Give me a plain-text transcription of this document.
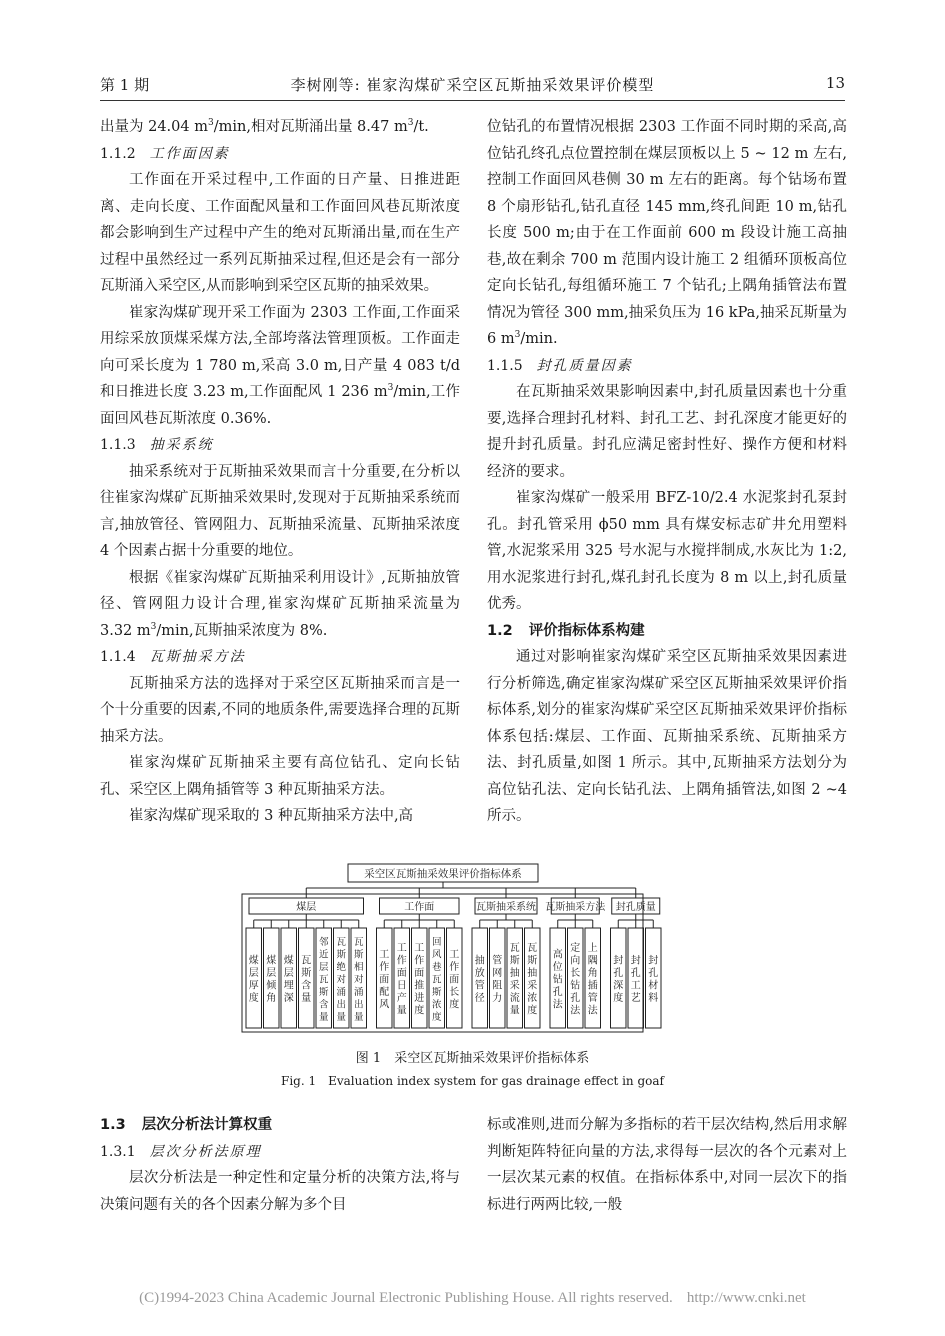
第 1 期	李树刚等: 崔家沟煤矿采空区瓦斯抽采效果评价模型	13

出量为 24.04 $m^3/\min$,相对瓦斯涌出量 8.47 $m^3/t$.

1.1.2 工作面因素

工作面在开采过程中,工作面的日产量、日推进距离、走向长度、工作面配风量和工作面回风巷瓦斯浓度都会影响到生产过程中产生的绝对瓦斯涌出量,而在生产过程中虽然经过一系列瓦斯抽采过程,但还是会有一部分瓦斯涌入采空区,从而影响到采空区瓦斯的抽采效果。

崔家沟煤矿现开采工作面为 2303 工作面,工作面采用综采放顶煤采煤方法,全部垮落法管理顶板。工作面走向可采长度为 1 780 m,采高 3.0 m,日产量 4 083 t/d 和日推进长度 3.23 m,工作面配风 1 236 $m^3/\min$,工作面回风巷瓦斯浓度 0.36%.

1.1.3 抽采系统

抽采系统对于瓦斯抽采效果而言十分重要,在分析以往崔家沟煤矿瓦斯抽采效果时,发现对于瓦斯抽采系统而言,抽放管径、管网阻力、瓦斯抽采流量、瓦斯抽采浓度 4 个因素占据十分重要的地位。

根据《崔家沟煤矿瓦斯抽采利用设计》,瓦斯抽放管径、管网阻力设计合理,崔家沟煤矿瓦斯抽采流量为 3.32 $m^3/\min$,瓦斯抽采浓度为 8%.

1.1.4 瓦斯抽采方法

瓦斯抽采方法的选择对于采空区瓦斯抽采而言是一个十分重要的因素,不同的地质条件,需要选择合理的瓦斯抽采方法。

崔家沟煤矿瓦斯抽采主要有高位钻孔、定向长钻孔、采空区上隅角插管等 3 种瓦斯抽采方法。

崔家沟煤矿现采取的 3 种瓦斯抽采方法中,高

位钻孔的布置情况根据 2303 工作面不同时期的采高,高位钻孔终孔点位置控制在煤层顶板以上 5 ~ 12 m 左右,控制工作面回风巷侧 30 m 左右的距离。每个钻场布置 8 个扇形钻孔,钻孔直径 145 mm,终孔间距 10 m,钻孔长度 500 m;由于在工作面前 600 m 段设计施工高抽巷,故在剩余 700 m 范围内设计施工 2 组循环顶板高位定向长钻孔,每组循环施工 7 个钻孔;上隅角插管法布置情况为管径 300 mm,抽采负压为 16 kPa,抽采瓦斯量为 6 $m^3/\min$.

1.1.5 封孔质量因素

在瓦斯抽采效果影响因素中,封孔质量因素也十分重要,选择合理封孔材料、封孔工艺、封孔深度才能更好的提升封孔质量。封孔应满足密封性好、操作方便和材料经济的要求。

崔家沟煤矿一般采用 BFZ-10/2.4 水泥浆封孔泵封孔。封孔管采用 ϕ50 mm 具有煤安标志矿井允用塑料管,水泥浆采用 325 号水泥与水搅拌制成,水灰比为 1:2,用水泥浆进行封孔,煤孔封孔长度为 8 m 以上,封孔质量优秀。

1.2 评价指标体系构建

通过对影响崔家沟煤矿采空区瓦斯抽采效果因素进行分析筛选,确定崔家沟煤矿采空区瓦斯抽采效果评价指标体系,划分的崔家沟煤矿采空区瓦斯抽采效果评价指标体系包括:煤层、工作面、瓦斯抽采系统、瓦斯抽采方法、封孔质量,如图 1 所示。其中,瓦斯抽采方法划分为高位钻孔法、定向长钻孔法、上隅角插管法,如图 2 ~4 所示。

采空区瓦斯抽采效果评价指标体系
煤层
煤层厚度
煤层倾角
煤层埋深
瓦斯含量
邻近层瓦斯含量
瓦斯绝对涌出量
瓦斯相对涌出量
工作面
工作面配风
工作面日产量
工作面推进度
回风巷瓦斯浓度
工作面长度
瓦斯抽采系统
抽放管径
管网阻力
瓦斯抽采流量
瓦斯抽采浓度
瓦斯抽采方法
高位钻孔法
定向长钻孔法
上隅角插管法
封孔质量
封孔深度
封孔工艺
封孔材料
图 1　采空区瓦斯抽采效果评价指标体系
Fig. 1　Evaluation index system for gas drainage effect in goaf

1.3 层次分析法计算权重

1.3.1 层次分析法原理

层次分析法是一种定性和定量分析的决策方法,将与决策问题有关的各个因素分解为多个目

标或准则,进而分解为多指标的若干层次结构,然后用求解判断矩阵特征向量的方法,求得每一层次的各个元素对上一层次某元素的权值。在指标体系中,对同一层次下的指标进行两两比较,一般

(C)1994-2023 China Academic Journal Electronic Publishing House. All rights reserved. http://www.cnki.net
